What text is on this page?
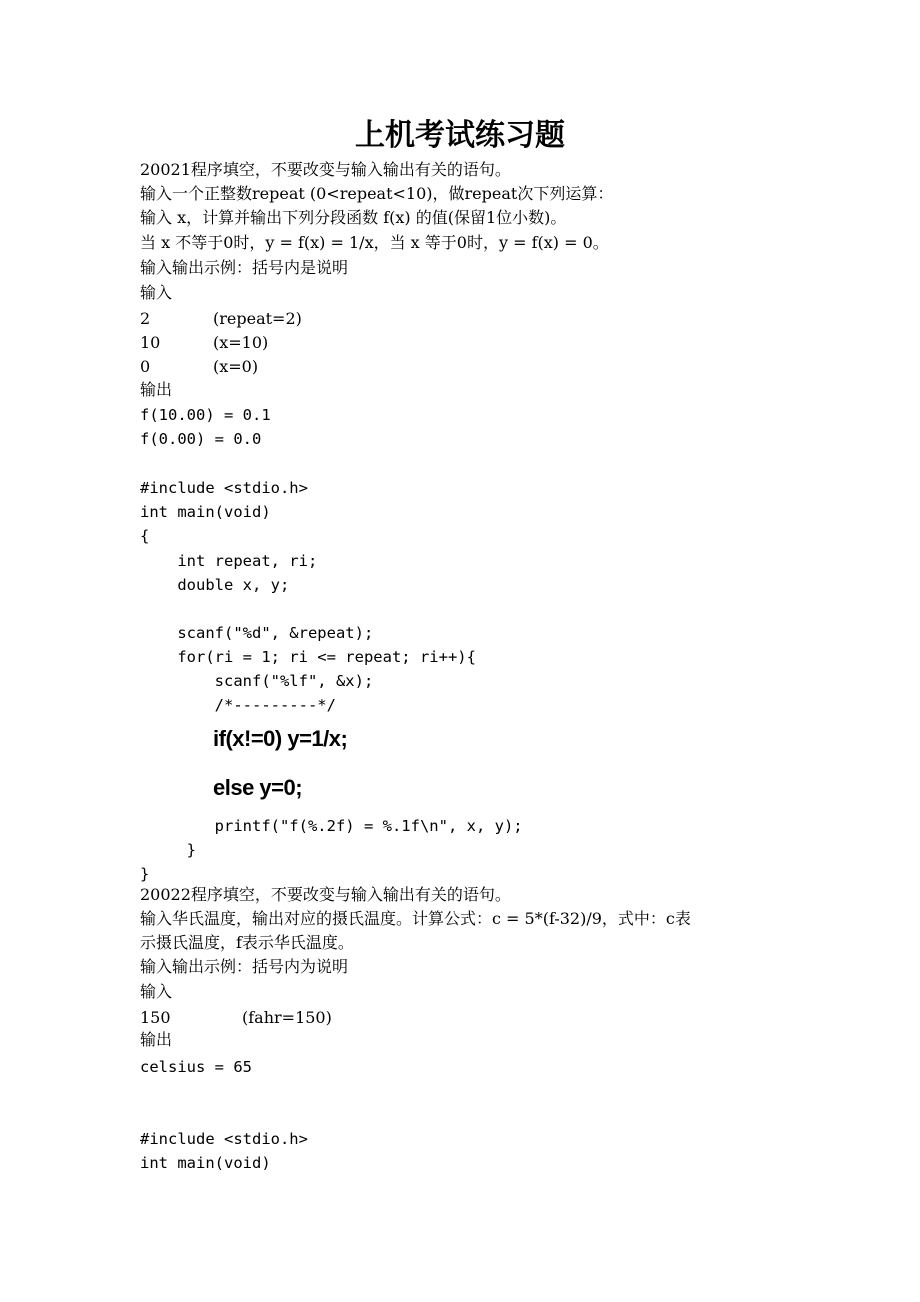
上机考试练习题
20021程序填空，不要改变与输入输出有关的语句。
输入一个正整数repeat (0<repeat<10)，做repeat次下列运算：
输入 x，计算并输出下列分段函数 f(x) 的值(保留1位小数)。
当 x 不等于0时，y = f(x) = 1/x，当 x 等于0时，y = f(x) = 0。
输入输出示例：括号内是说明
输入
2	(repeat=2)
10	(x=10)
0	(x=0)
输出
f(10.00) = 0.1
f(0.00) = 0.0
#include <stdio.h>
int main(void)
{
int repeat, ri;
double x, y;
scanf("%d", &repeat);
for(ri = 1; ri <= repeat; ri++){
scanf("%lf", &x);
/*---------*/
if(x!=0) y=1/x;
else y=0;
printf("f(%.2f) = %.1f\n", x, y);
}
}
20022程序填空，不要改变与输入输出有关的语句。
输入华氏温度，输出对应的摄氏温度。计算公式：c = 5*(f-32)/9，式中：c表
示摄氏温度，f表示华氏温度。
输入输出示例：括号内为说明
输入
150	(fahr=150)
输出
celsius = 65
#include <stdio.h>
int main(void)
